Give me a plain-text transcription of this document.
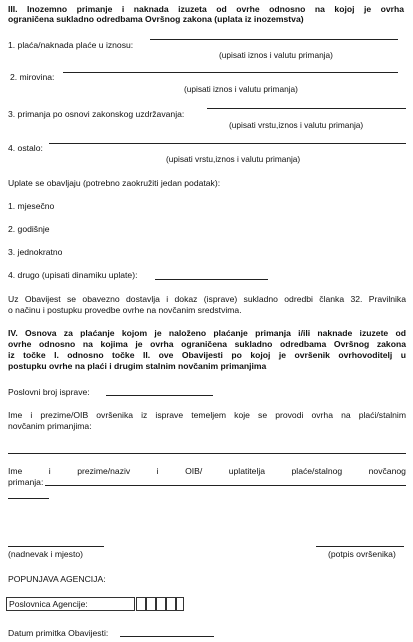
III. Inozemno primanje i naknada izuzeta od ovrhe odnosno na kojoj je ovrha
ograničena sukladno odredbama Ovršnog zakona (uplata iz inozemstva)
1. plaća/naknada plaće u iznosu:
(upisati iznos i valutu primanja)
2. mirovina:
(upisati iznos i valutu primanja)
3. primanja po osnovi zakonskog uzdržavanja:
(upisati vrstu,iznos i valutu primanja)
4. ostalo:
(upisati vrstu,iznos i valutu primanja)
Uplate se obavljaju (potrebno zaokružiti jedan podatak):
1. mjesečno
2. godišnje
3. jednokratno
4. drugo (upisati dinamiku uplate):
Uz Obavijest se obavezno dostavlja i dokaz (isprave) sukladno odredbi članka 32. Pravilnika
o načinu i postupku provedbe ovrhe na novčanim sredstvima.
IV. Osnova za plaćanje kojom je naloženo plaćanje primanja i/ili naknade izuzete od
ovrhe odnosno na kojima je ovrha ograničena sukladno odredbama Ovršnog zakona
iz točke I. odnosno točke II. ove Obavijesti po kojoj je ovršenik ovrhovoditelj u
postupku ovrhe na plaći i drugim stalnim novčanim primanjima
Poslovni broj isprave:
Ime i prezime/OIB ovršenika iz isprave temeljem koje se provodi ovrha na plaći/stalnim
novčanim primanjima:
Ime	i	prezime/naziv	i	OIB/	uplatitelja	plaće/stalnog	novčanog
primanja:
(nadnevak i mjesto)	(potpis ovršenika)
POPUNJAVA AGENCIJA:
Poslovnica Agencije:
Datum primitka Obavijesti:
